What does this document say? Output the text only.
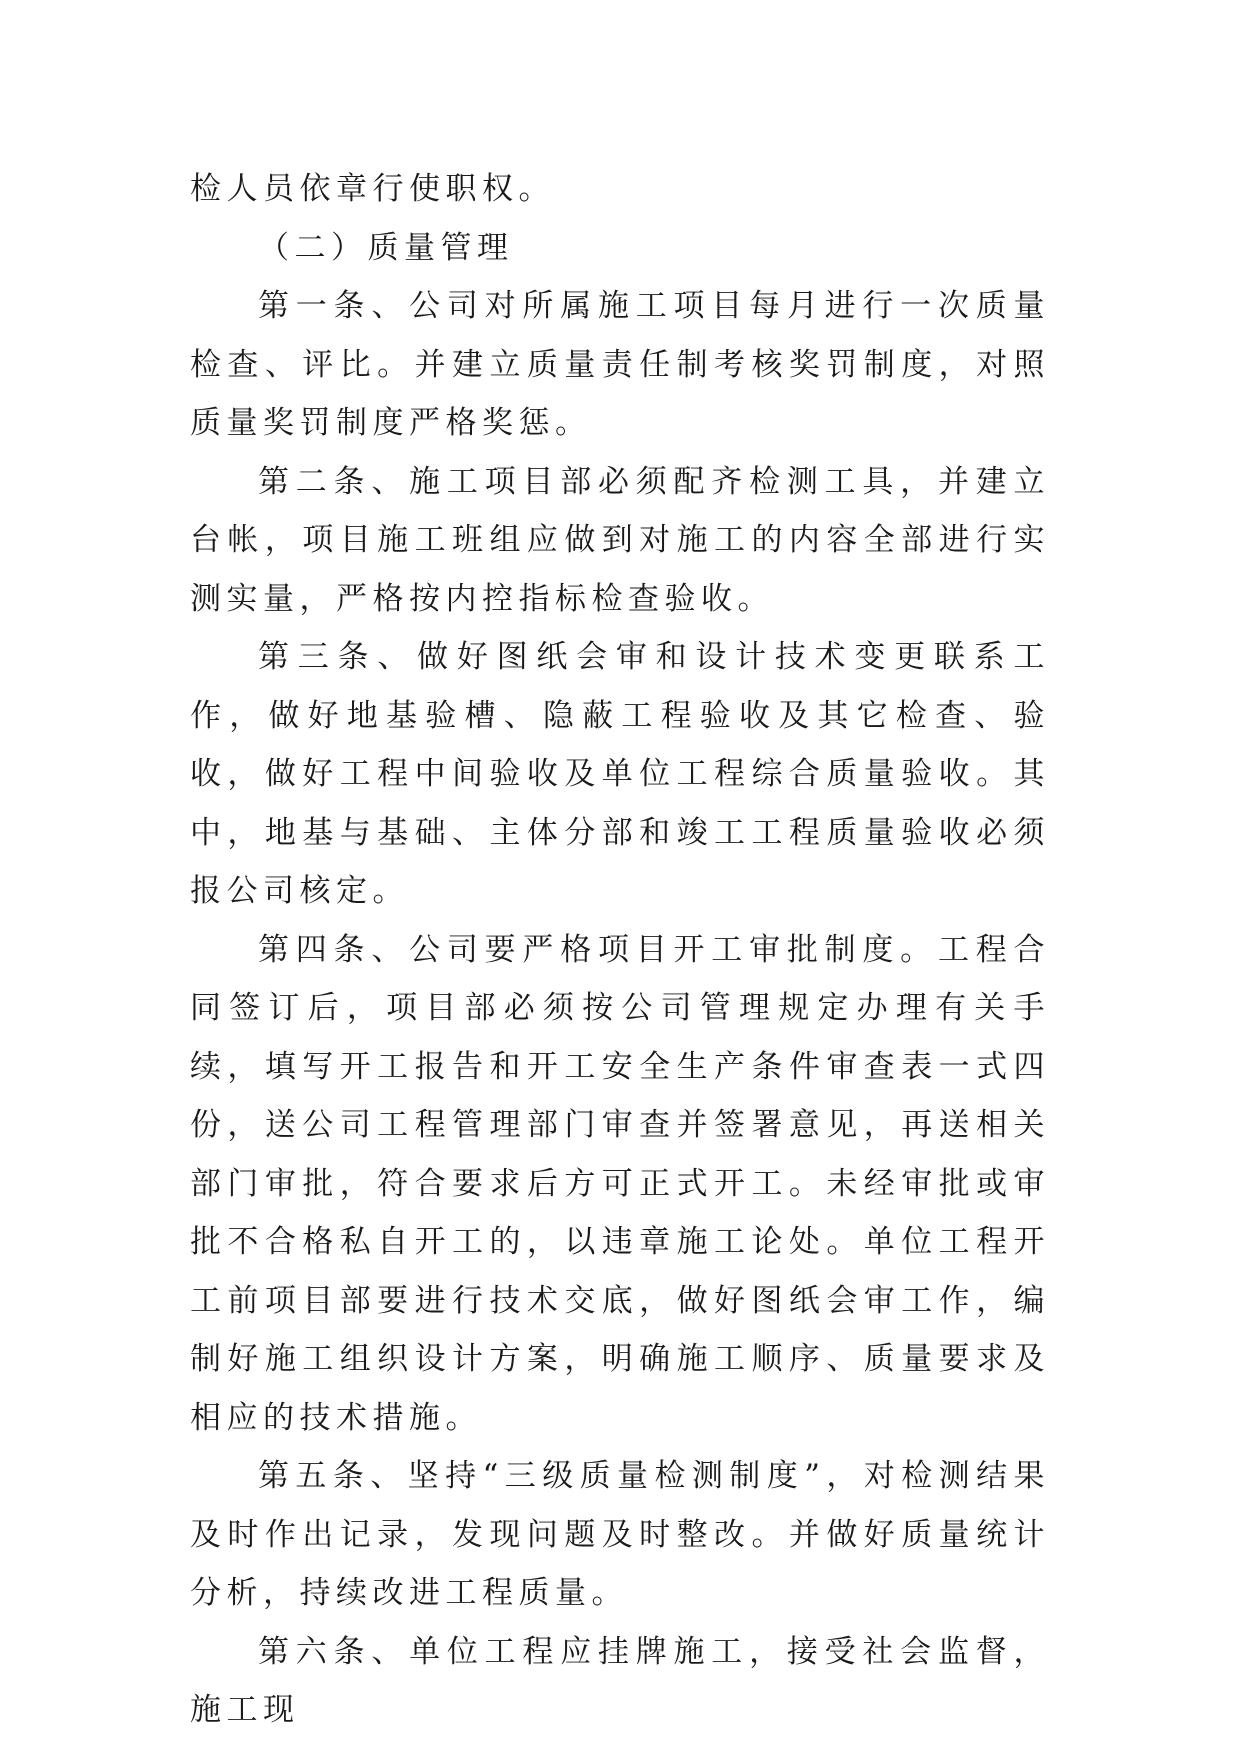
检人员依章行使职权。

（二）质量管理

第一条、公司对所属施工项目每月进行一次质量检查、评比。并建立质量责任制考核奖罚制度，对照质量奖罚制度严格奖惩。

第二条、施工项目部必须配齐检测工具，并建立台帐，项目施工班组应做到对施工的内容全部进行实测实量，严格按内控指标检查验收。

第三条、做好图纸会审和设计技术变更联系工作，做好地基验槽、隐蔽工程验收及其它检查、验收，做好工程中间验收及单位工程综合质量验收。其中，地基与基础、主体分部和竣工工程质量验收必须报公司核定。

第四条、公司要严格项目开工审批制度。工程合同签订后，项目部必须按公司管理规定办理有关手续，填写开工报告和开工安全生产条件审查表一式四份，送公司工程管理部门审查并签署意见，再送相关部门审批，符合要求后方可正式开工。未经审批或审批不合格私自开工的，以违章施工论处。单位工程开工前项目部要进行技术交底，做好图纸会审工作，编制好施工组织设计方案，明确施工顺序、质量要求及相应的技术措施。

第五条、坚持“三级质量检测制度”，对检测结果及时作出记录，发现问题及时整改。并做好质量统计分析，持续改进工程质量。

第六条、单位工程应挂牌施工，接受社会监督，施工现
